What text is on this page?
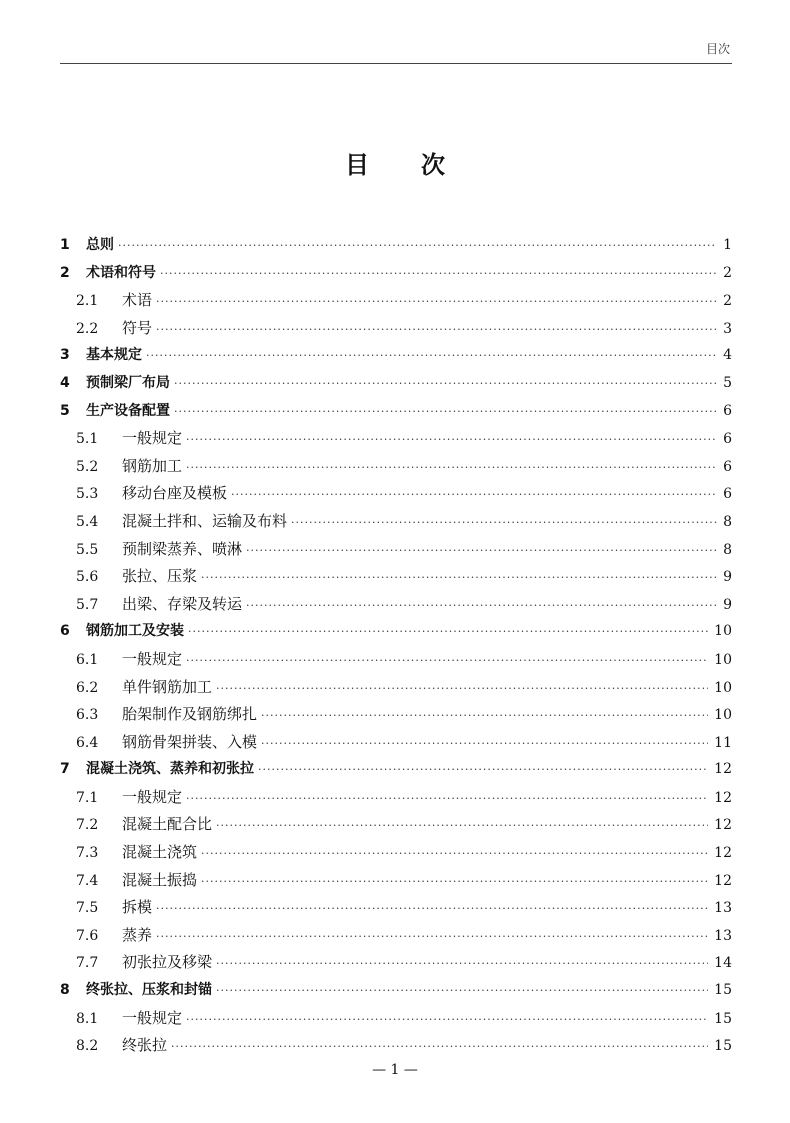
目次
目次
1	总则 ·····	1
2	术语和符号 ·····	2
2.1	术语 ·····	2
2.2	符号 ·····	3
3	基本规定 ·····	4
4	预制梁厂布局 ·····	5
5	生产设备配置 ·····	6
5.1	一般规定 ·····	6
5.2	钢筋加工 ·····	6
5.3	移动台座及模板 ·····	6
5.4	混凝土拌和、运输及布料 ·····	8
5.5	预制梁蒸养、喷淋 ·····	8
5.6	张拉、压浆 ·····	9
5.7	出梁、存梁及转运 ·····	9
6	钢筋加工及安装 ·····	10
6.1	一般规定 ·····	10
6.2	单件钢筋加工 ·····	10
6.3	胎架制作及钢筋绑扎 ·····	10
6.4	钢筋骨架拼装、入模 ·····	11
7	混凝土浇筑、蒸养和初张拉 ·····	12
7.1	一般规定 ·····	12
7.2	混凝土配合比 ·····	12
7.3	混凝土浇筑 ·····	12
7.4	混凝土振捣 ·····	12
7.5	拆模 ·····	13
7.6	蒸养 ·····	13
7.7	初张拉及移梁 ·····	14
8	终张拉、压浆和封锚 ·····	15
8.1	一般规定 ·····	15
8.2	终张拉 ·····	15
— 1 —
